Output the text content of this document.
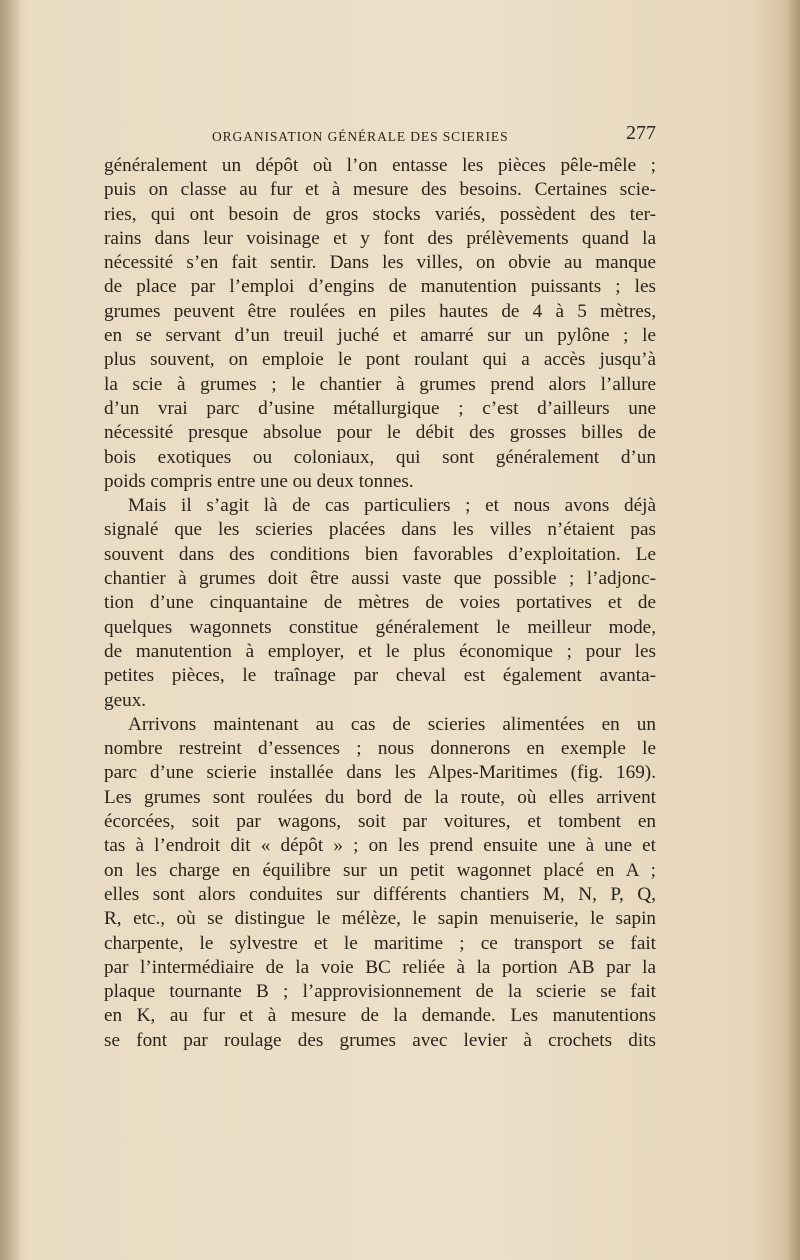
ORGANISATION GÉNÉRALE DES SCIERIES	277
généralement un dépôt où l’on entasse les pièces pêle-mêle ;
puis on classe au fur et à mesure des besoins. Certaines scie-
ries, qui ont besoin de gros stocks variés, possèdent des ter-
rains dans leur voisinage et y font des prélèvements quand la
nécessité s’en fait sentir. Dans les villes, on obvie au manque
de place par l’emploi d’engins de manutention puissants ; les
grumes peuvent être roulées en piles hautes de 4 à 5 mètres,
en se servant d’un treuil juché et amarré sur un pylône ; le
plus souvent, on emploie le pont roulant qui a accès jusqu’à
la scie à grumes ; le chantier à grumes prend alors l’allure
d’un vrai parc d’usine métallurgique ; c’est d’ailleurs une
nécessité presque absolue pour le débit des grosses billes de
bois exotiques ou coloniaux, qui sont généralement d’un
poids compris entre une ou deux tonnes.
Mais il s’agit là de cas particuliers ; et nous avons déjà
signalé que les scieries placées dans les villes n’étaient pas
souvent dans des conditions bien favorables d’exploitation. Le
chantier à grumes doit être aussi vaste que possible ; l’adjonc-
tion d’une cinquantaine de mètres de voies portatives et de
quelques wagonnets constitue généralement le meilleur mode,
de manutention à employer, et le plus économique ; pour les
petites pièces, le traînage par cheval est également avanta-
geux.
Arrivons maintenant au cas de scieries alimentées en un
nombre restreint d’essences ; nous donnerons en exemple le
parc d’une scierie installée dans les Alpes-Maritimes (fig. 169).
Les grumes sont roulées du bord de la route, où elles arrivent
écorcées, soit par wagons, soit par voitures, et tombent en
tas à l’endroit dit « dépôt » ; on les prend ensuite une à une et
on les charge en équilibre sur un petit wagonnet placé en A ;
elles sont alors conduites sur différents chantiers M, N, P, Q,
R, etc., où se distingue le mélèze, le sapin menuiserie, le sapin
charpente, le sylvestre et le maritime ; ce transport se fait
par l’intermédiaire de la voie BC reliée à la portion AB par la
plaque tournante B ; l’approvisionnement de la scierie se fait
en K, au fur et à mesure de la demande. Les manutentions
se font par roulage des grumes avec levier à crochets dits
